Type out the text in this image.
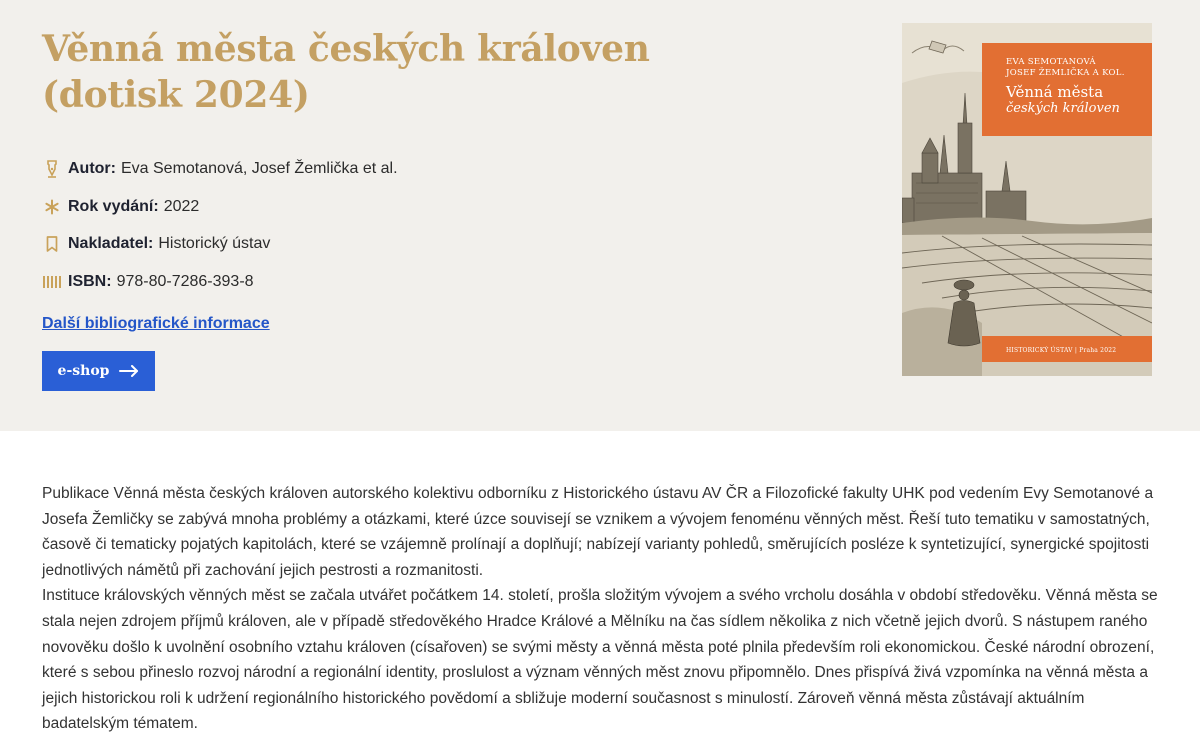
Věnná města českých královen
(dotisk 2024)
Autor: Eva Semotanová, Josef Žemlička et al.
Rok vydání: 2022
Nakladatel: Historický ústav
ISBN: 978-80-7286-393-8
Další bibliografické informace
e-shop
EVA SEMOTANOVÁ
JOSEF ŽEMLIČKA A KOL.
Věnná města
českých královen
HISTORICKÝ ÚSTAV | Praha 2022

Publikace Věnná města českých královen autorského kolektivu odborníku z Historického ústavu AV ČR a Filozofické fakulty UHK pod vedením Evy Semotanové a Josefa Žemličky se zabývá mnoha problémy a otázkami, které úzce souvisejí se vznikem a vývojem fenoménu věnných měst. Řeší tuto tematiku v samostatných, časově či tematicky pojatých kapitolách, které se vzájemně prolínají a doplňují; nabízejí varianty pohledů, směrujících posléze k syntetizující, synergické spojitosti jednotlivých námětů při zachování jejich pestrosti a rozmanitosti.

Instituce královských věnných měst se začala utvářet počátkem 14. století, prošla složitým vývojem a svého vrcholu dosáhla v období středověku. Věnná města se stala nejen zdrojem příjmů královen, ale v případě středověkého Hradce Králové a Mělníku na čas sídlem několika z nich včetně jejich dvorů. S nástupem raného novověku došlo k uvolnění osobního vztahu královen (císařoven) se svými městy a věnná města poté plnila především roli ekonomickou. České národní obrození, které s sebou přineslo rozvoj národní a regionální identity, proslulost a význam věnných měst znovu připomnělo. Dnes přispívá živá vzpomínka na věnná města a jejich historickou roli k udržení regionálního historického povědomí a sbližuje moderní současnost s minulostí. Zároveň věnná města zůstávají aktuálním badatelským tématem.
